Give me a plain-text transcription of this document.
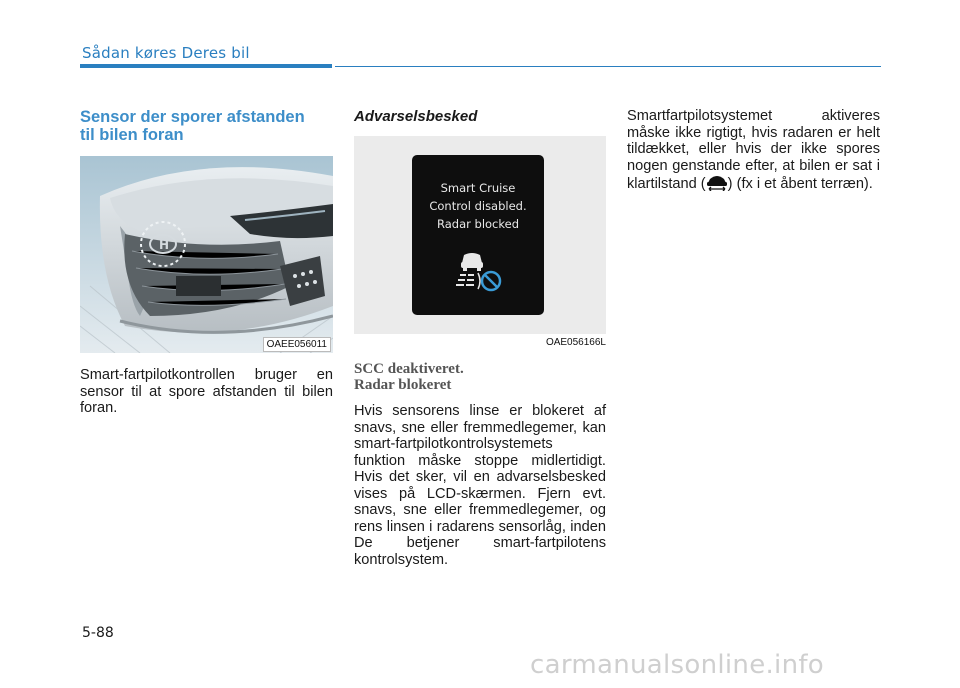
Sådan køres Deres bil
Sensor der sporer afstanden
til bilen foran
H
OAEE056011

Smart-fartpilotkontrollen bruger en sensor til at spore afstanden til bilen foran.

Advarselsbesked
Smart Cruise
Control disabled.
Radar blocked
OAE056166L
SCC deaktiveret.
Radar blokeret

Hvis sensorens linse er blokeret af snavs, sne eller fremmedlegemer, kan smart-fartpilotkontrolsystemets funktion måske stoppe midlertidigt. Hvis det sker, vil en advarselsbesked vises på LCD-skærmen. Fjern evt. snavs, sne eller fremmedlegemer, og rens linsen i radarens sensorlåg, inden De betjener smart-fartpilotens kontrolsystem.

Smartfartpilotsystemet aktiveres måske ikke rigtigt, hvis radaren er helt tildækket, eller hvis der ikke spores nogen genstande efter, at bilen er sat i klartilstand ( ) (fx i et åbent terræn).

5-88
carmanualsonline.info
